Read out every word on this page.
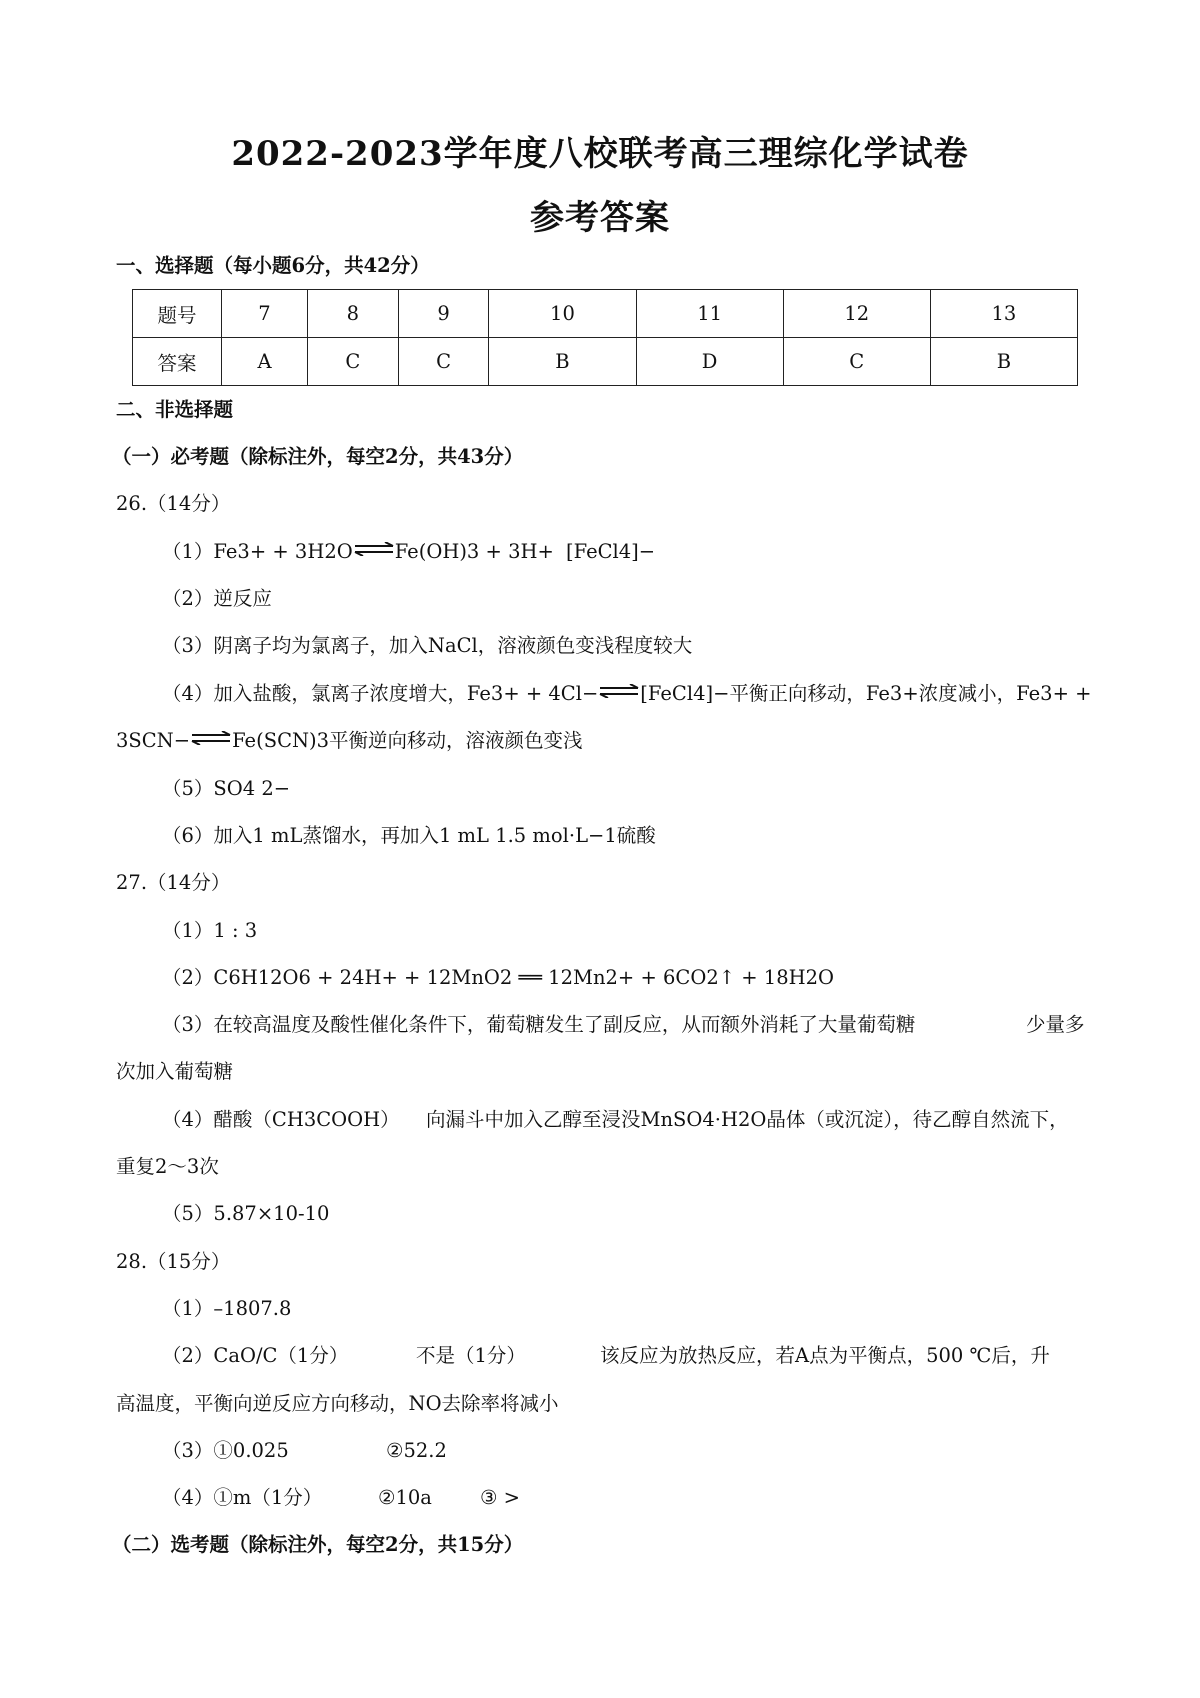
2022-2023学年度八校联考高三理综化学试卷
参考答案
一、选择题（每小题6分，共42分）
题号	7	8	9	10	11	12	13
答案	A	C	C	B	D	C	B
二、非选择题
（一）必考题（除标注外，每空2分，共43分）
26.（14分）
（1）Fe3+ + 3H2O⇌Fe(OH)3 + 3H+ [FeCl4]−
（2）逆反应
（3）阴离子均为氯离子，加入NaCl，溶液颜色变浅程度较大
（4）加入盐酸，氯离子浓度增大，Fe3+ + 4Cl−⇌[FeCl4]−平衡正向移动，Fe3+浓度减小，Fe3+ +
3SCN−⇌Fe(SCN)3平衡逆向移动，溶液颜色变浅
（5）SO4 2−
（6）加入1 mL蒸馏水，再加入1 mL 1.5 mol·L−1硫酸
27.（14分）
（1）1 : 3
（2）C6H12O6 + 24H+ + 12MnO2 ══ 12Mn2+ + 6CO2↑ + 18H2O
（3）在较高温度及酸性催化条件下，葡萄糖发生了副反应，从而额外消耗了大量葡萄糖	少量多
次加入葡萄糖
（4）醋酸（CH3COOH） 向漏斗中加入乙醇至浸没MnSO4·H2O晶体（或沉淀），待乙醇自然流下，
重复2～3次
（5）5.87×10-10
28.（15分）
（1）–1807.8
（2）CaO/C（1分）	不是（1分）	该反应为放热反应，若A点为平衡点，500 ℃后，升
高温度，平衡向逆反应方向移动，NO去除率将减小
（3）①0.025	②52.2
（4）①m（1分）	②10a ③ >
（二）选考题（除标注外，每空2分，共15分）
